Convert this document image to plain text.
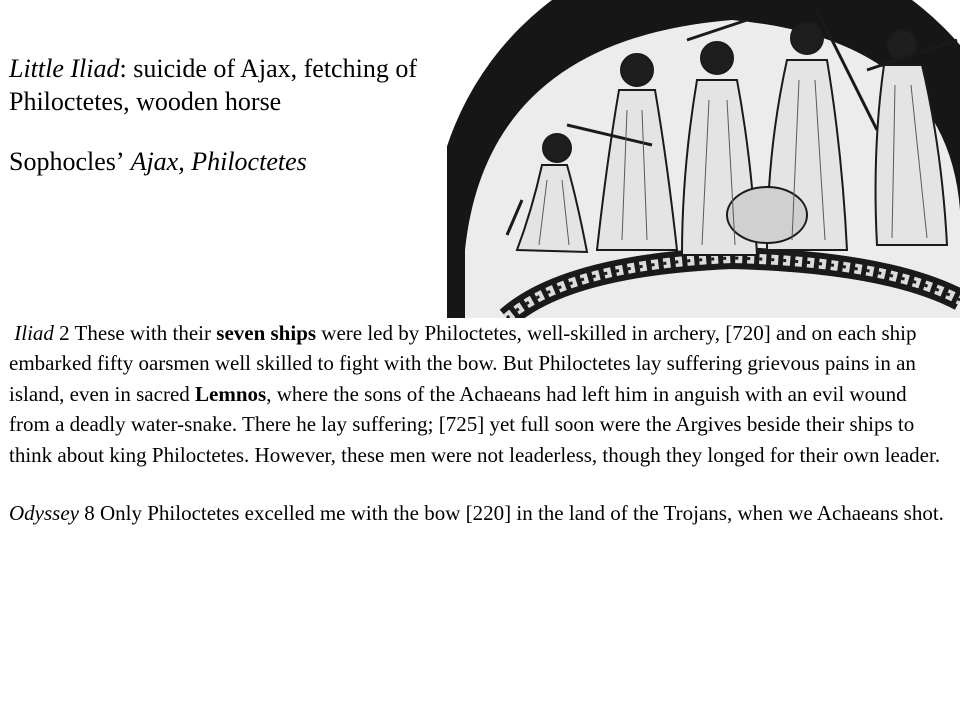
Little Iliad: suicide of Ajax, fetching of Philoctetes, wooden horse

Sophocles’ Ajax, Philoctetes

Iliad 2 These with their seven ships were led by Philoctetes, well-skilled in archery, [720] and on each ship embarked fifty oarsmen well skilled to fight with the bow. But Philoctetes lay suffering grievous pains in an island, even in sacred Lemnos, where the sons of the Achaeans had left him in anguish with an evil wound from a deadly water-snake. There he lay suffering; [725] yet full soon were the Argives beside their ships to think about king Philoctetes. However, these men were not leaderless, though they longed for their own leader.

Odyssey 8 Only Philoctetes excelled me with the bow [220] in the land of the Trojans, when we Achaeans shot.
